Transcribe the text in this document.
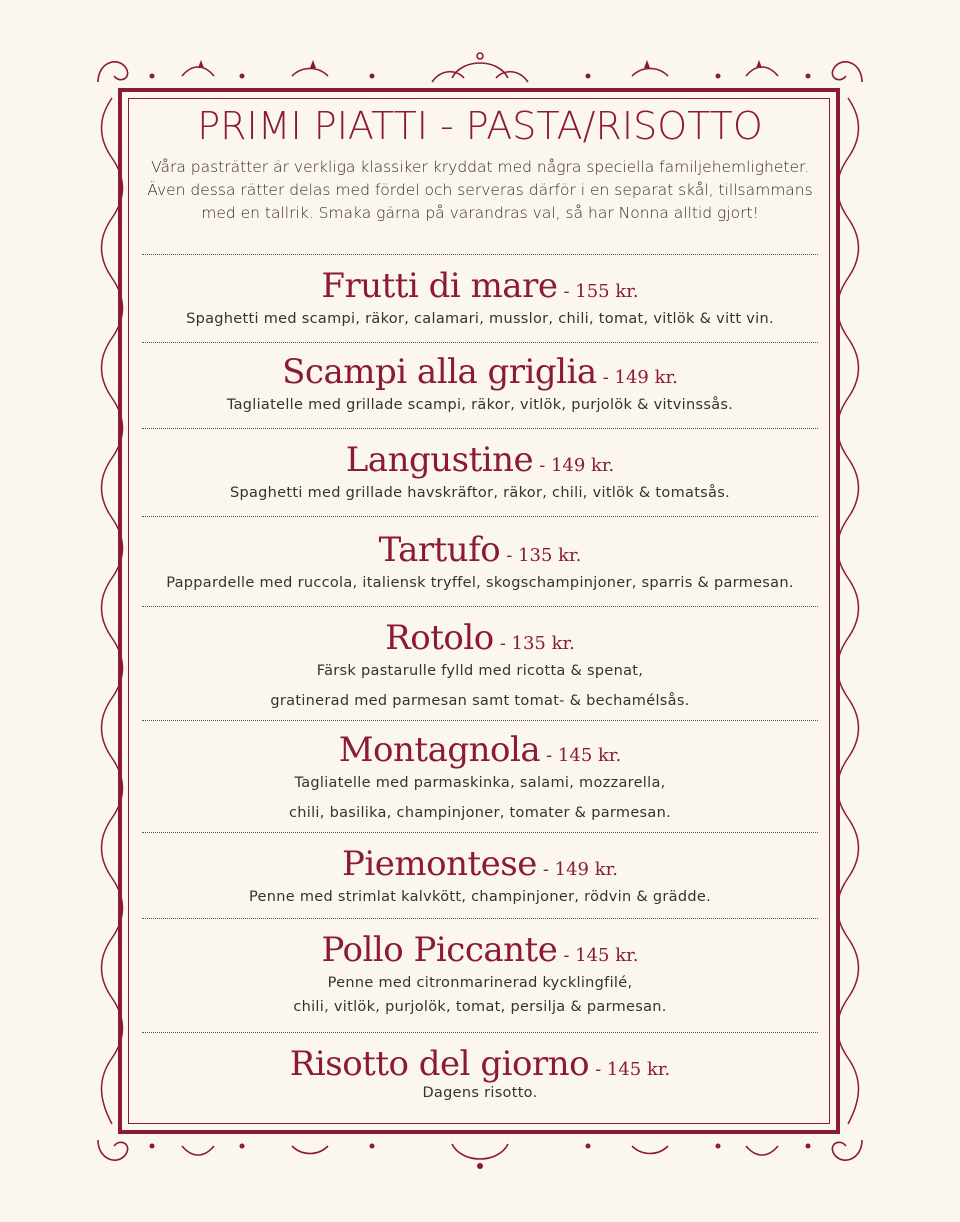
PRIMI PIATTI - PASTA/RISOTTO
Våra pasträtter är verkliga klassiker kryddat med några speciella familjehemligheter.
Även dessa rätter delas med fördel och serveras därför i en separat skål, tillsammans
med en tallrik. Smaka gärna på varandras val, så har Nonna alltid gjort!
Frutti di mare - 155 kr.
Spaghetti med scampi, räkor, calamari, musslor, chili, tomat, vitlök & vitt vin.
Scampi alla griglia - 149 kr.
Tagliatelle med grillade scampi, räkor, vitlök, purjolök & vitvinssås.
Langustine - 149 kr.
Spaghetti med grillade havskräftor, räkor, chili, vitlök & tomatsås.
Tartufo - 135 kr.
Pappardelle med ruccola, italiensk tryffel, skogschampinjoner, sparris & parmesan.
Rotolo - 135 kr.
Färsk pastarulle fylld med ricotta & spenat,
gratinerad med parmesan samt tomat- & bechamélsås.
Montagnola - 145 kr.
Tagliatelle med parmaskinka, salami, mozzarella,
chili, basilika, champinjoner, tomater & parmesan.
Piemontese - 149 kr.
Penne med strimlat kalvkött, champinjoner, rödvin & grädde.
Pollo Piccante - 145 kr.
Penne med citronmarinerad kycklingfilé,
chili, vitlök, purjolök, tomat, persilja & parmesan.
Risotto del giorno - 145 kr.
Dagens risotto.
